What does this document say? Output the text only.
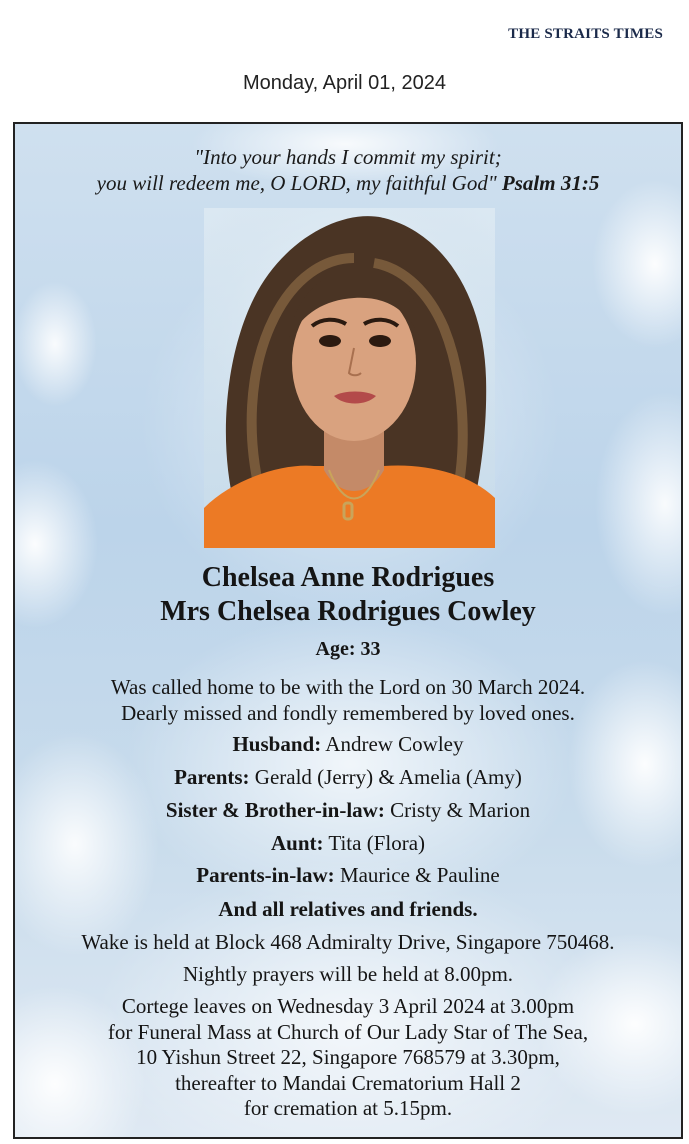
THE STRAITS TIMES
Monday, April 01, 2024
"Into your hands I commit my spirit;
you will redeem me, O LORD, my faithful God" Psalm 31:5
Chelsea Anne Rodrigues
Mrs Chelsea Rodrigues Cowley
Age: 33
Was called home to be with the Lord on 30 March 2024.
Dearly missed and fondly remembered by loved ones.
Husband: Andrew Cowley
Parents: Gerald (Jerry) & Amelia (Amy)
Sister & Brother-in-law: Cristy & Marion
Aunt: Tita (Flora)
Parents-in-law: Maurice & Pauline
And all relatives and friends.
Wake is held at Block 468 Admiralty Drive, Singapore 750468.
Nightly prayers will be held at 8.00pm.
Cortege leaves on Wednesday 3 April 2024 at 3.00pm
for Funeral Mass at Church of Our Lady Star of The Sea,
10 Yishun Street 22, Singapore 768579 at 3.30pm,
thereafter to Mandai Crematorium Hall 2
for cremation at 5.15pm.
